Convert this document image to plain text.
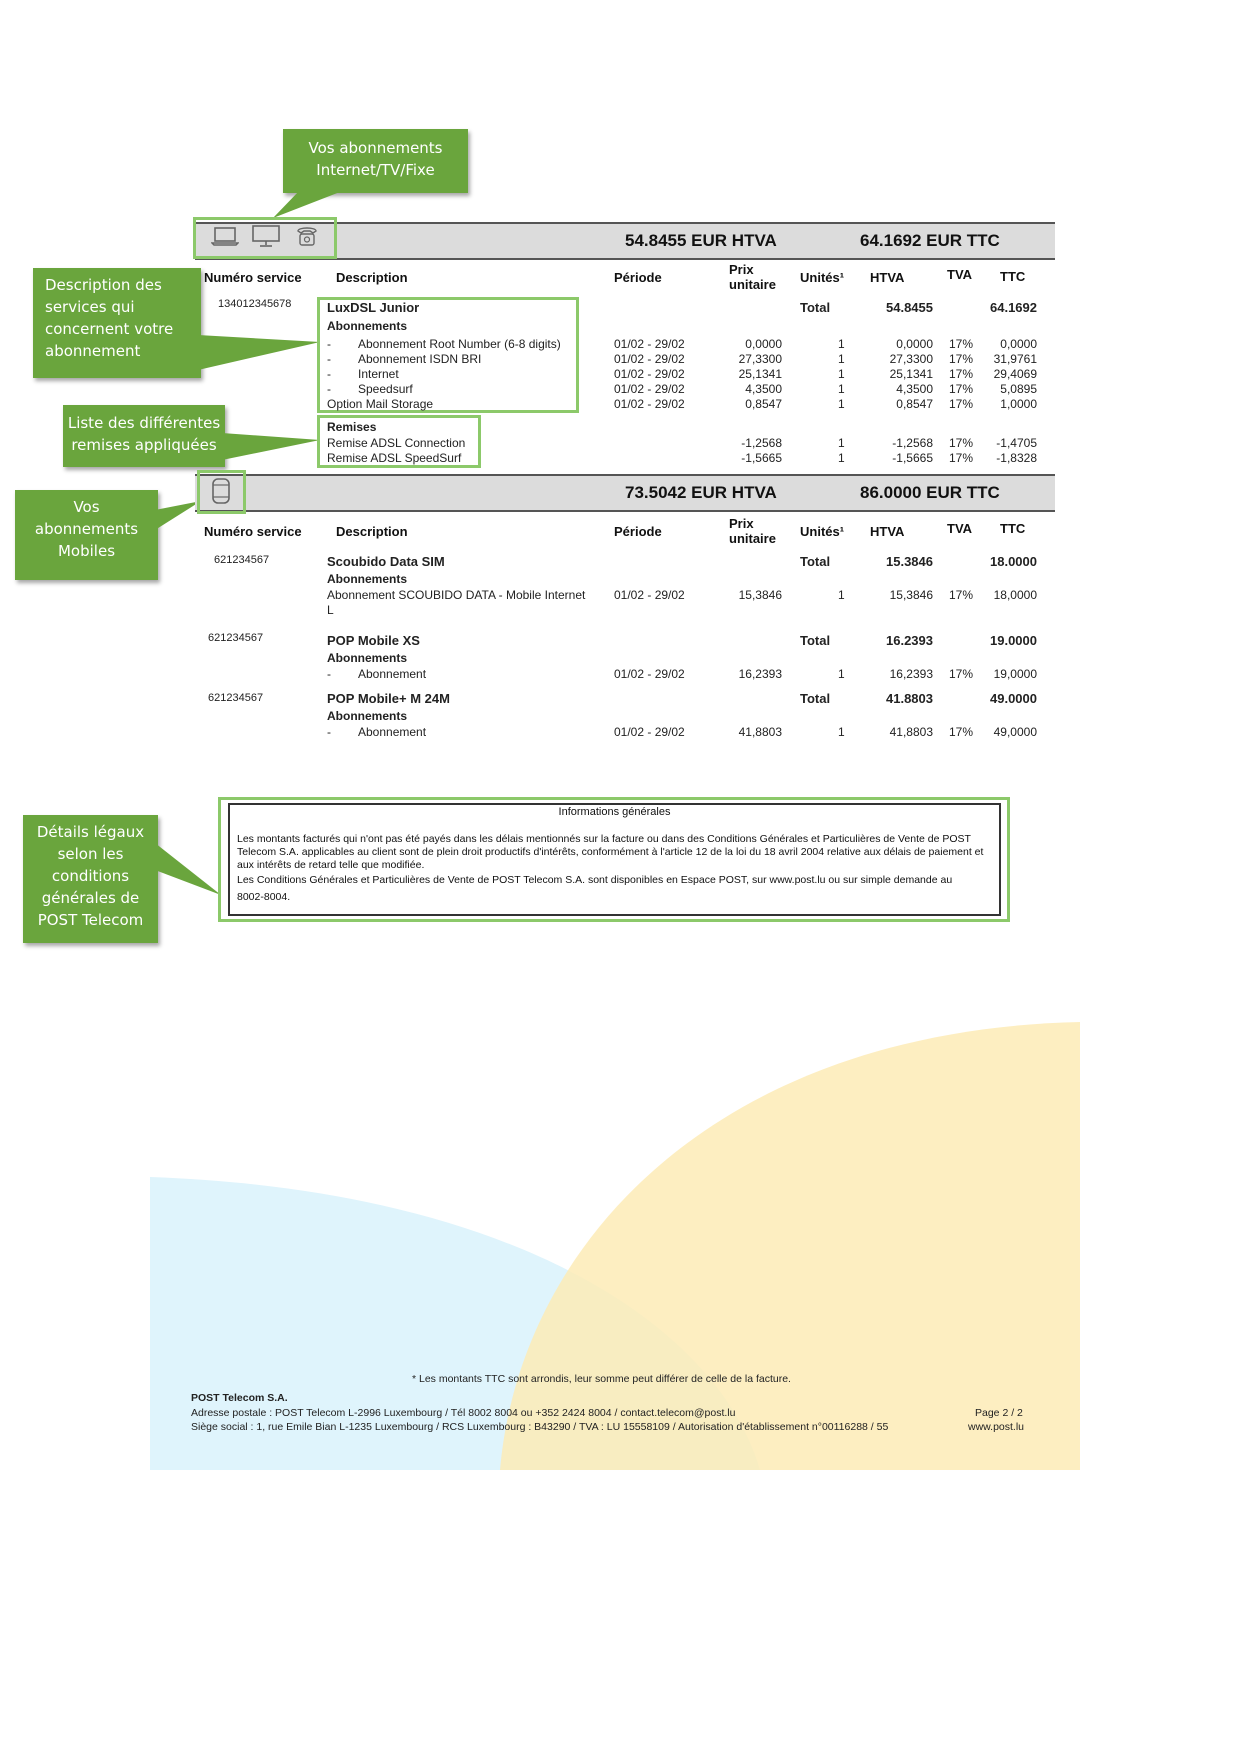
Vos abonnements Internet/TV/Fixe
Description des services qui concernent votre abonnement
Liste des différentes remises appliquées
Vos abonnements Mobiles
Détails légaux selon les conditions générales de POST Telecom
54.8455 EUR HTVA	64.1692 EUR TTC
Numéro service	Description	Période
Prix
unitaire Unités¹ HTVA	TVA TTC
134012345678	LuxDSL Junior	Total	54.8455	64.1692
Abonnements
- Abonnement Root Number (6-8 digits)	01/02 - 29/02	0,0000	1	0,0000 17%	0,0000
- Abonnement ISDN BRI	01/02 - 29/02	27,3300	1	27,3300 17%	31,9761
- Internet	01/02 - 29/02	25,1341	1	25,1341 17%	29,4069
- Speedsurf	01/02 - 29/02	4,3500	1	4,3500 17%	5,0895
Option Mail Storage	01/02 - 29/02	0,8547	1	0,8547 17%	1,0000
Remises
Remise ADSL Connection	-1,2568	1	-1,2568 17%	-1,4705
Remise ADSL SpeedSurf	-1,5665	1	-1,5665 17%	-1,8328
73.5042 EUR HTVA	86.0000 EUR TTC
Numéro service	Description	Période
Prix
unitaire Unités¹ HTVA	TVA TTC
621234567	Scoubido Data SIM	Total	15.3846	18.0000
Abonnements
Abonnement SCOUBIDO DATA - Mobile Internet
L
01/02 - 29/02	15,3846	1	15,3846 17%	18,0000
621234567	POP Mobile XS	Total	16.2393	19.0000
Abonnements
- Abonnement	01/02 - 29/02	16,2393	1	16,2393 17%	19,0000
621234567	POP Mobile+ M 24M	Total	41.8803	49.0000
Abonnements
- Abonnement	01/02 - 29/02	41,8803	1	41,8803 17%	49,0000
Informations générales
Les montants facturés qui n'ont pas été payés dans les délais mentionnés sur la facture ou dans des Conditions Générales et Particulières de Vente de POST Telecom S.A. applicables au client sont de plein droit productifs d'intérêts, conformément à l'article 12 de la loi du 18 avril 2004 relative aux délais de paiement et aux intérêts de retard telle que modifiée.
Les Conditions Générales et Particulières de Vente de POST Telecom S.A. sont disponibles en Espace POST, sur www.post.lu ou sur simple demande au 8002-8004.
* Les montants TTC sont arrondis, leur somme peut différer de celle de la facture.
POST Telecom S.A.
Adresse postale : POST Telecom L-2996 Luxembourg / Tél 8002 8004 ou +352 2424 8004 / contact.telecom@post.lu
Siège social : 1, rue Emile Bian L-1235 Luxembourg / RCS Luxembourg : B43290 / TVA : LU 15558109 / Autorisation d'établissement n°00116288 / 55
Page 2 / 2
www.post.lu
